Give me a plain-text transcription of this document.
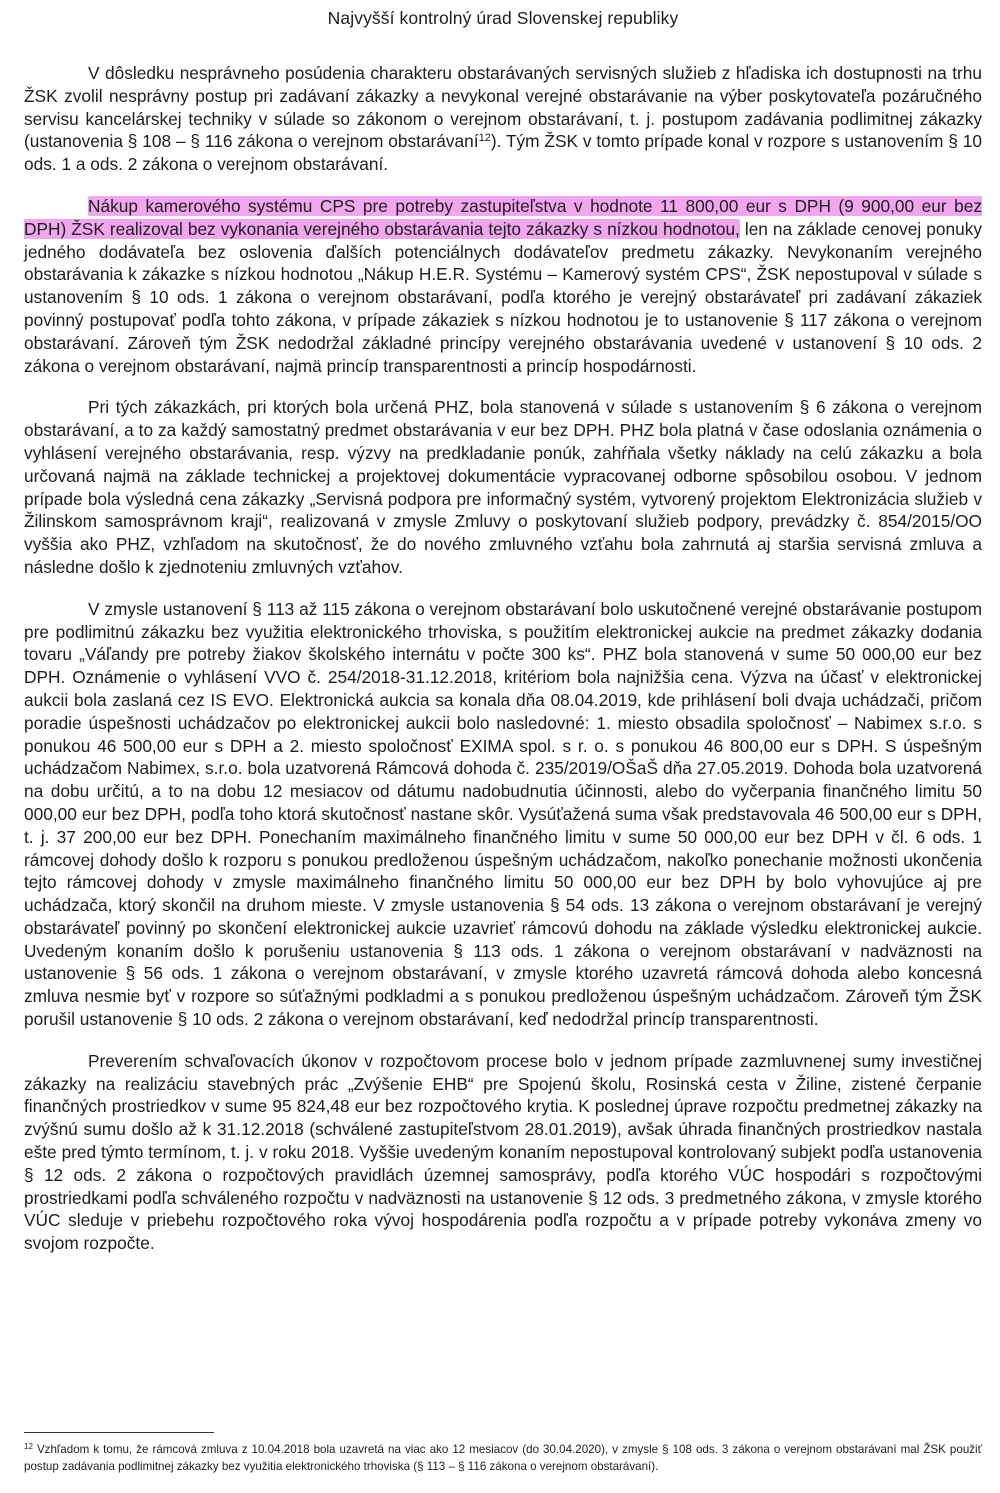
Najvyšší kontrolný úrad Slovenskej republiky

V dôsledku nesprávneho posúdenia charakteru obstarávaných servisných služieb z hľadiska ich dostupnosti na trhu ŽSK zvolil nesprávny postup pri zadávaní zákazky a nevykonal verejné obstarávanie na výber poskytovateľa pozáručného servisu kancelárskej techniky v súlade so zákonom o verejnom obstarávaní, t. j. postupom zadávania podlimitnej zákazky (ustanovenia § 108 – § 116 zákona o verejnom obstarávaní$^{12}$). Tým ŽSK v tomto prípade konal v rozpore s ustanovením § 10 ods. 1 a ods. 2 zákona o verejnom obstarávaní.

Nákup kamerového systému CPS pre potreby zastupiteľstva v hodnote 11 800,00 eur s DPH (9 900,00 eur bez DPH) ŽSK realizoval bez vykonania verejného obstarávania tejto zákazky s nízkou hodnotou, len na základe cenovej ponuky jedného dodávateľa bez oslovenia ďalších potenciálnych dodávateľov predmetu zákazky. Nevykonaním verejného obstarávania k zákazke s nízkou hodnotou „Nákup H.E.R. Systému – Kamerový systém CPS“, ŽSK nepostupoval v súlade s ustanovením § 10 ods. 1 zákona o verejnom obstarávaní, podľa ktorého je verejný obstarávateľ pri zadávaní zákaziek povinný postupovať podľa tohto zákona, v prípade zákaziek s nízkou hodnotou je to ustanovenie § 117 zákona o verejnom obstarávaní. Zároveň tým ŽSK nedodržal základné princípy verejného obstarávania uvedené v ustanovení § 10 ods. 2 zákona o verejnom obstarávaní, najmä princíp transparentnosti a princíp hospodárnosti.

Pri tých zákazkách, pri ktorých bola určená PHZ, bola stanovená v súlade s ustanovením § 6 zákona o verejnom obstarávaní, a to za každý samostatný predmet obstarávania v eur bez DPH. PHZ bola platná v čase odoslania oznámenia o vyhlásení verejného obstarávania, resp. výzvy na predkladanie ponúk, zahŕňala všetky náklady na celú zákazku a bola určovaná najmä na základe technickej a projektovej dokumentácie vypracovanej odborne spôsobilou osobou. V jednom prípade bola výsledná cena zákazky „Servisná podpora pre informačný systém, vytvorený projektom Elektronizácia služieb v Žilinskom samosprávnom kraji“, realizovaná v zmysle Zmluvy o poskytovaní služieb podpory, prevádzky č. 854/2015/OO vyššia ako PHZ, vzhľadom na skutočnosť, že do nového zmluvného vzťahu bola zahrnutá aj staršia servisná zmluva a následne došlo k zjednoteniu zmluvných vzťahov.

V zmysle ustanovení § 113 až 115 zákona o verejnom obstarávaní bolo uskutočnené verejné obstarávanie postupom pre podlimitnú zákazku bez využitia elektronického trhoviska, s použitím elektronickej aukcie na predmet zákazky dodania tovaru „Váľandy pre potreby žiakov školského internátu v počte 300 ks“. PHZ bola stanovená v sume 50 000,00 eur bez DPH. Oznámenie o vyhlásení VVO č. 254/2018-31.12.2018, kritériom bola najnižšia cena. Výzva na účasť v elektronickej aukcii bola zaslaná cez IS EVO. Elektronická aukcia sa konala dňa 08.04.2019, kde prihlásení boli dvaja uchádzači, pričom poradie úspešnosti uchádzačov po elektronickej aukcii bolo nasledovné: 1. miesto obsadila spoločnosť – Nabimex s.r.o. s ponukou 46 500,00 eur s DPH a 2. miesto spoločnosť EXIMA spol. s r. o. s ponukou 46 800,00 eur s DPH. S úspešným uchádzačom Nabimex, s.r.o. bola uzatvorená Rámcová dohoda č. 235/2019/OŠaŠ dňa 27.05.2019. Dohoda bola uzatvorená na dobu určitú, a to na dobu 12 mesiacov od dátumu nadobudnutia účinnosti, alebo do vyčerpania finančného limitu 50 000,00 eur bez DPH, podľa toho ktorá skutočnosť nastane skôr. Vysúťažená suma však predstavovala 46 500,00 eur s DPH, t. j. 37 200,00 eur bez DPH. Ponechaním maximálneho finančného limitu v sume 50 000,00 eur bez DPH v čl. 6 ods. 1 rámcovej dohody došlo k rozporu s ponukou predloženou úspešným uchádzačom, nakoľko ponechanie možnosti ukončenia tejto rámcovej dohody v zmysle maximálneho finančného limitu 50 000,00 eur bez DPH by bolo vyhovujúce aj pre uchádzača, ktorý skončil na druhom mieste. V zmysle ustanovenia § 54 ods. 13 zákona o verejnom obstarávaní je verejný obstarávateľ povinný po skončení elektronickej aukcie uzavrieť rámcovú dohodu na základe výsledku elektronickej aukcie. Uvedeným konaním došlo k porušeniu ustanovenia § 113 ods. 1 zákona o verejnom obstarávaní v nadväznosti na ustanovenie § 56 ods. 1 zákona o verejnom obstarávaní, v zmysle ktorého uzavretá rámcová dohoda alebo koncesná zmluva nesmie byť v rozpore so súťažnými podkladmi a s ponukou predloženou úspešným uchádzačom. Zároveň tým ŽSK porušil ustanovenie § 10 ods. 2 zákona o verejnom obstarávaní, keď nedodržal princíp transparentnosti.

Preverením schvaľovacích úkonov v rozpočtovom procese bolo v jednom prípade zazmluvnenej sumy investičnej zákazky na realizáciu stavebných prác „Zvýšenie EHB“ pre Spojenú školu, Rosinská cesta v Žiline, zistené čerpanie finančných prostriedkov v sume 95 824,48 eur bez rozpočtového krytia. K poslednej úprave rozpočtu predmetnej zákazky na zvýšnú sumu došlo až k 31.12.2018 (schválené zastupiteľstvom 28.01.2019), avšak úhrada finančných prostriedkov nastala ešte pred týmto termínom, t. j. v roku 2018. Vyššie uvedeným konaním nepostupoval kontrolovaný subjekt podľa ustanovenia § 12 ods. 2 zákona o rozpočtových pravidlách územnej samosprávy, podľa ktorého VÚC hospodári s rozpočtovými prostriedkami podľa schváleného rozpočtu v nadväznosti na ustanovenie § 12 ods. 3 predmetného zákona, v zmysle ktorého VÚC sleduje v priebehu rozpočtového roka vývoj hospodárenia podľa rozpočtu a v prípade potreby vykonáva zmeny vo svojom rozpočte.

$^{12}$ Vzhľadom k tomu, že rámcová zmluva z 10.04.2018 bola uzavretá na viac ako 12 mesiacov (do 30.04.2020), v zmysle § 108 ods. 3 zákona o verejnom obstarávaní mal ŽSK použiť postup zadávania podlimitnej zákazky bez využitia elektronického trhoviska (§ 113 – § 116 zákona o verejnom obstarávaní).
